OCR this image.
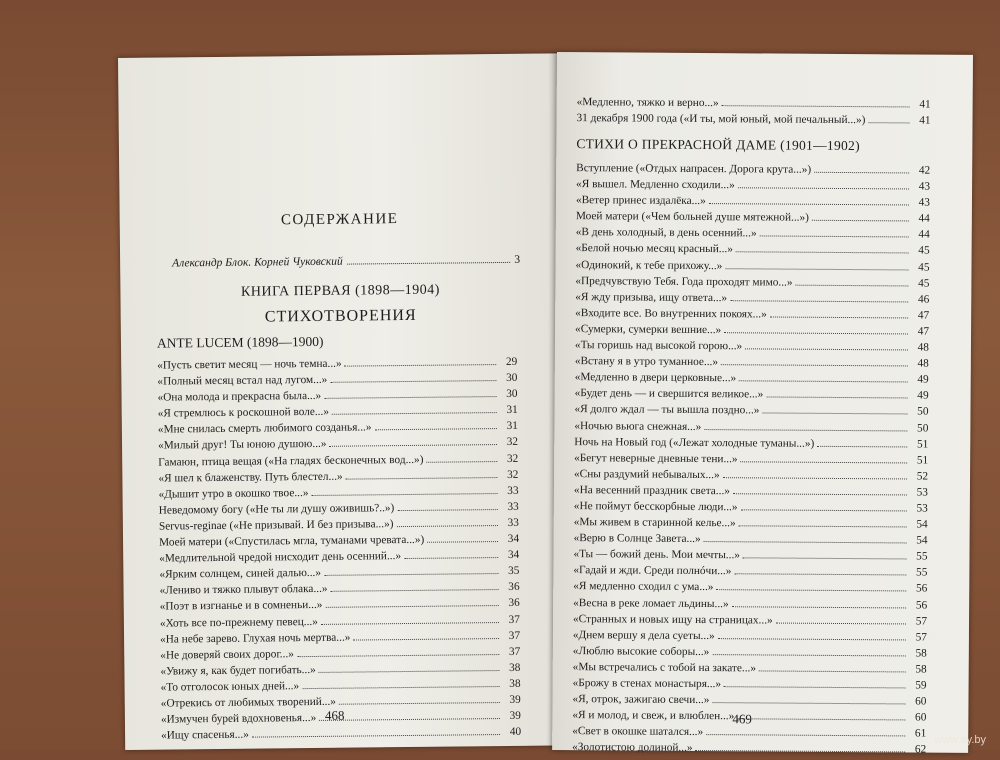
СОДЕРЖАНИЕ
Александр Блок. Корней Чуковский	3
КНИГА ПЕРВАЯ (1898—1904)
СТИХОТВОРЕНИЯ
ANTE LUCEM (1898—1900)
«Пусть светит месяц — ночь темна...»	29
«Полный месяц встал над лугом...»	30
«Она молода и прекрасна была...»	30
«Я стремлюсь к роскошной воле...»	31
«Мне снилась смерть любимого созданья...»	31
«Милый друг! Ты юною душою...»	32
Гамаюн, птица вещая («На гладях бесконечных вод...»)	32
«Я шел к блаженству. Путь блестел...»	32
«Дышит утро в окошко твое...»	33
Неведомому богу («Не ты ли душу оживишь?..»)	33
Servus-reginae («Не призывай. И без призыва...»)	33
Моей матери («Спустилась мгла, туманами чревата...»)	34
«Медлительной чредой нисходит день осенний...»	34
«Ярким солнцем, синей далью...»	35
«Лениво и тяжко плывут облака...»	36
«Поэт в изгнанье и в сомненьи...»	36
«Хоть все по-прежнему певец...»	37
«На небе зарево. Глухая ночь мертва...»	37
«Не доверяй своих дорог...»	37
«Увижу я, как будет погибать...»	38
«То отголосок юных дней...»	38
«Отрекись от любимых творений...»	39
«Измучен бурей вдохновенья...»	39
«Ищу спасенья...»	40
468
«Медленно, тяжко и верно...»	41
31 декабря 1900 года («И ты, мой юный, мой печальный...»)	41
СТИХИ О ПРЕКРАСНОЙ ДАМЕ (1901—1902)
Вступление («Отдых напрасен. Дорога крута...»)	42
«Я вышел. Медленно сходили...»	43
«Ветер принес издалёка...»	43
Моей матери («Чем больней душе мятежной...»)	44
«В день холодный, в день осенний...»	44
«Белой ночью месяц красный...»	45
«Одинокий, к тебе прихожу...»	45
«Предчувствую Тебя. Года проходят мимо...»	45
«Я жду призыва, ищу ответа...»	46
«Входите все. Во внутренних покоях...»	47
«Сумерки, сумерки вешние...»	47
«Ты горишь над высокой горою...»	48
«Встану я в утро туманное...»	48
«Медленно в двери церковные...»	49
«Будет день — и свершится великое...»	49
«Я долго ждал — ты вышла поздно...»	50
«Ночью вьюга снежная...»	50
Ночь на Новый год («Лежат холодные туманы...»)	51
«Бегут неверные дневные тени...»	51
«Сны раздумий небывалых...»	52
«На весенний праздник света...»	53
«Не поймут бесскорбные люди...»	53
«Мы живем в старинной келье...»	54
«Верю в Солнце Завета...»	54
«Ты — божий день. Мои мечты...»	55
«Гадай и жди. Среди полнóчи...»	55
«Я медленно сходил с ума...»	56
«Весна в реке ломает льдины...»	56
«Странных и новых ищу на страницах...»	57
«Днем вершу я дела суеты...»	57
«Люблю высокие соборы...»	58
«Мы встречались с тобой на закате...»	58
«Брожу в стенах монастыря...»	59
«Я, отрок, зажигаю свечи...»	60
«Я и молод, и свеж, и влюблен...»	60
«Свет в окошке шатался...»	61
«Золотистою долиной...»	62
469
www.ay.by
